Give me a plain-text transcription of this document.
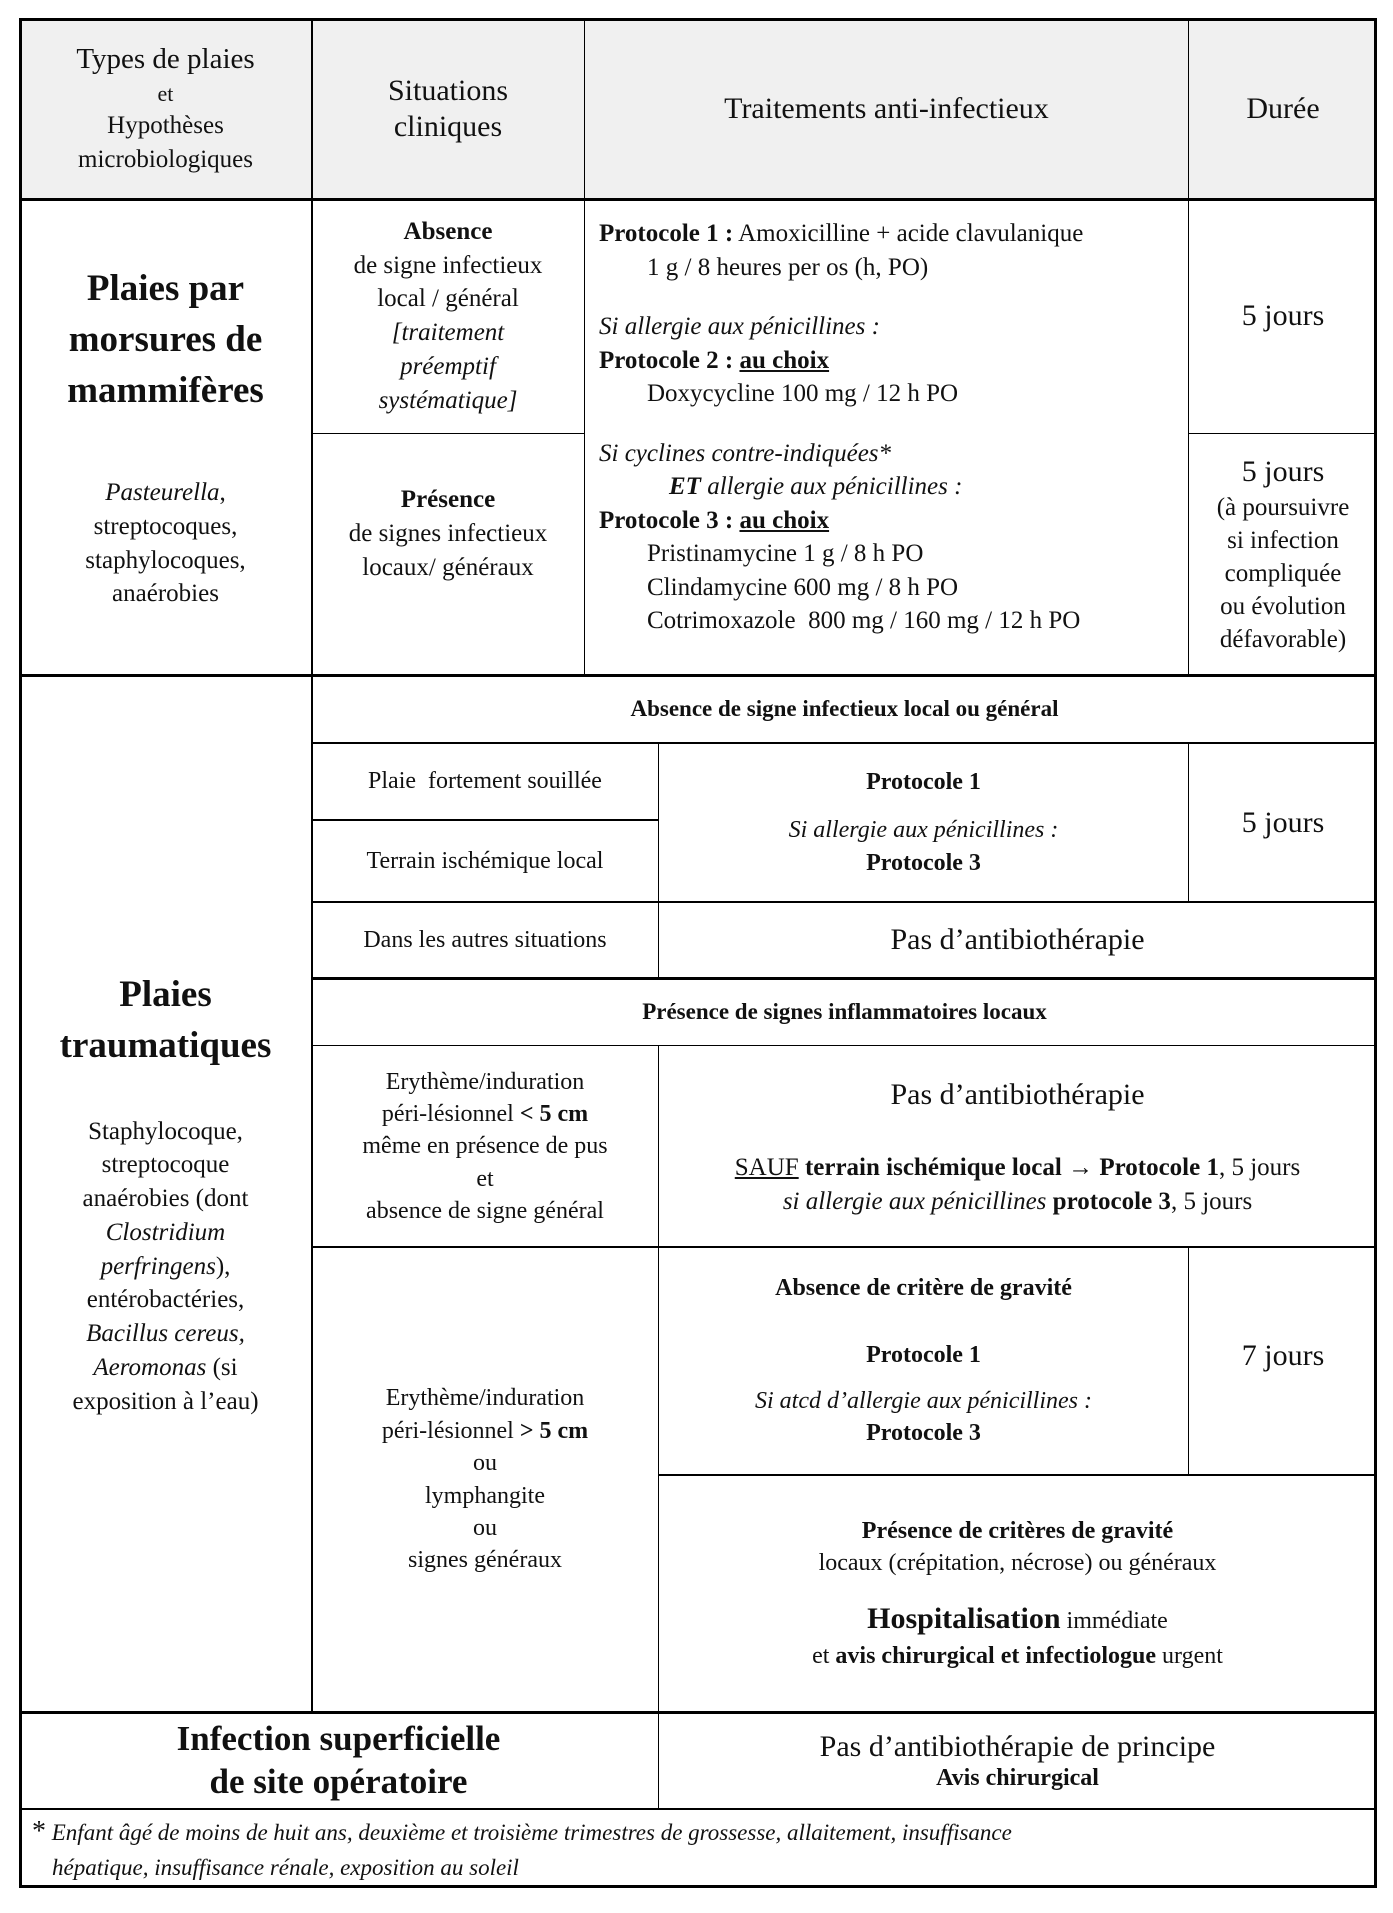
Types de plaies
et
Hypothèses
microbiologiques
Situations
cliniques
Traitements anti-infectieux	Durée
Plaies par
morsures de
mammifères
Pasteurella,
streptocoques,
staphylocoques,
anaérobies
Absence
de signe infectieux
local / général
[traitement
préemptif
systématique]
Présence
de signes infectieux
locaux/ généraux
Protocole 1 : Amoxicilline + acide clavulanique
1 g / 8 heures per os (h, PO)
Si allergie aux pénicillines :
Protocole 2 : au choix
Doxycycline 100 mg / 12 h PO
Si cyclines contre-indiquées*
ET allergie aux pénicillines :
Protocole 3 : au choix
Pristinamycine 1 g / 8 h PO
Clindamycine 600 mg / 8 h PO
Cotrimoxazole  800 mg / 160 mg / 12 h PO
5 jours
5 jours
(à poursuivre
si infection
compliquée
ou évolution
défavorable)
Plaies
traumatiques
Staphylocoque,
streptocoque
anaérobies (dont
Clostridium
perfringens),
entérobactéries,
Bacillus cereus,
Aeromonas (si
exposition à l’eau)
Absence de signe infectieux local ou général
Plaie  fortement souillée
Terrain ischémique local
Protocole 1
Si allergie aux pénicillines :
Protocole 3
5 jours
Dans les autres situations	Pas d’antibiothérapie
Présence de signes inflammatoires locaux
Erythème/induration
péri-lésionnel < 5 cm
même en présence de pus
et
absence de signe général
Pas d’antibiothérapie
SAUF terrain ischémique local → Protocole 1, 5 jours
si allergie aux pénicillines protocole 3, 5 jours
Erythème/induration
péri-lésionnel > 5 cm
ou
lymphangite
ou
signes généraux
Absence de critère de gravité
Protocole 1
Si atcd d’allergie aux pénicillines :
Protocole 3
7 jours
Présence de critères de gravité
locaux (crépitation, nécrose) ou généraux
Hospitalisation immédiate
et avis chirurgical et infectiologue urgent
Infection superficielle
de site opératoire
Pas d’antibiothérapie de principe
Avis chirurgical
* Enfant âgé de moins de huit ans, deuxième et troisième trimestres de grossesse, allaitement, insuffisance
hépatique, insuffisance rénale, exposition au soleil
